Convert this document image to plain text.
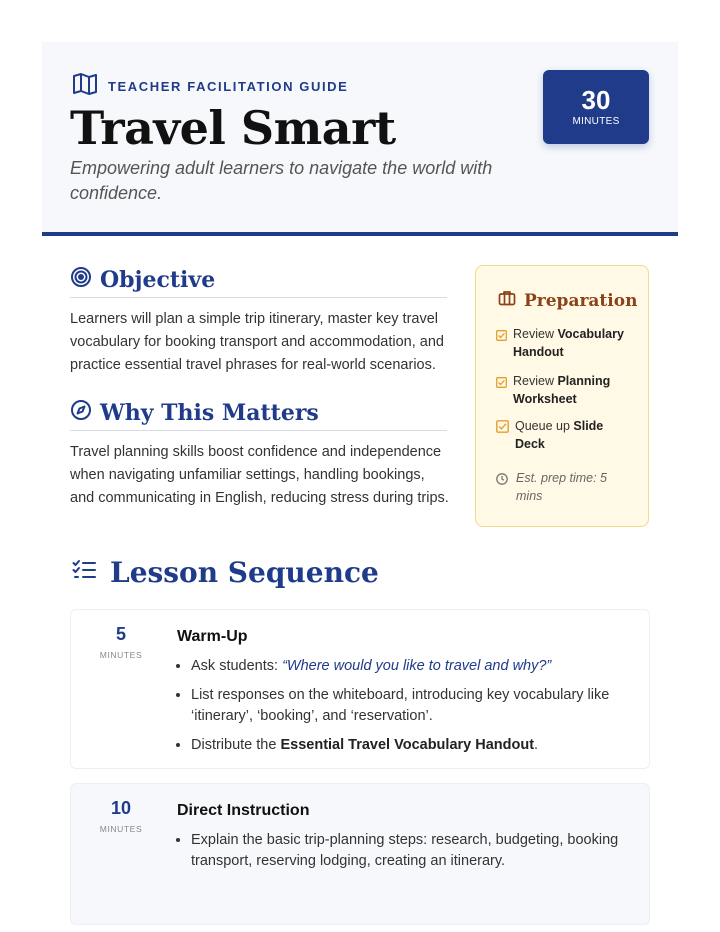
TEACHER FACILITATION GUIDE
Travel Smart
Empowering adult learners to navigate the world with confidence.
30
MINUTES
Objective
Learners will plan a simple trip itinerary, master key travel vocabulary for booking transport and accommodation, and practice essential travel phrases for real-world scenarios.
Why This Matters
Travel planning skills boost confidence and independence when navigating unfamiliar settings, handling bookings, and communicating in English, reducing stress during trips.
Preparation
Review Vocabulary Handout
Review Planning Worksheet
Queue up Slide Deck
Est. prep time: 5 mins
Lesson Sequence
5
MINUTES
Warm-Up
• Ask students: “Where would you like to travel and why?”
• List responses on the whiteboard, introducing key vocabulary like ‘itinerary’, ‘booking’, and ‘reservation’.
• Distribute the Essential Travel Vocabulary Handout.
10
MINUTES
Direct Instruction
• Explain the basic trip-planning steps: research, budgeting, booking transport, reserving lodging, creating an itinerary.
